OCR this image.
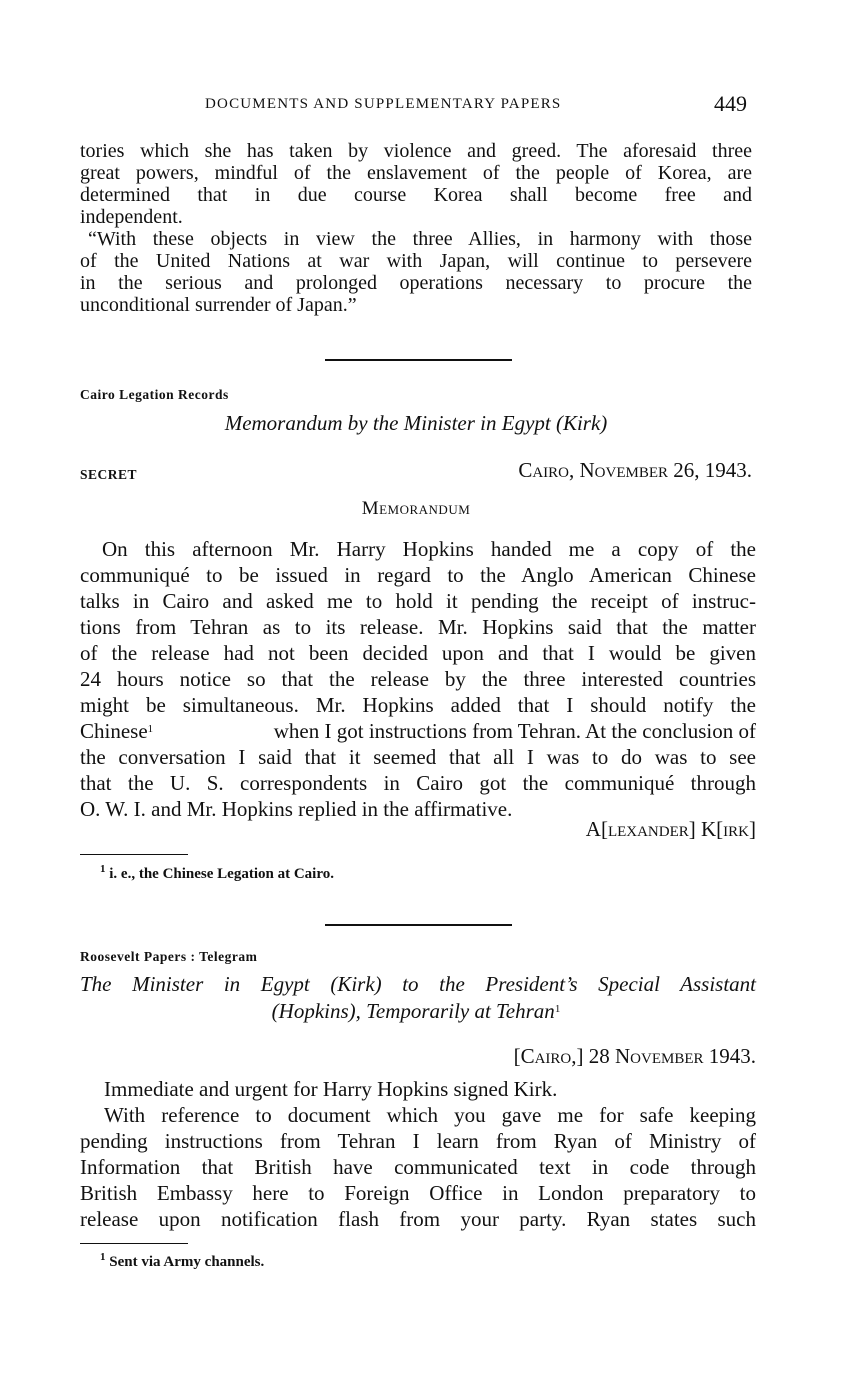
DOCUMENTS AND SUPPLEMENTARY PAPERS	449
tories which she has taken by violence and greed. The aforesaid three
great powers, mindful of the enslavement of the people of Korea, are
determined that in due course Korea shall become free and
independent.
“With these objects in view the three Allies, in harmony with those
of the United Nations at war with Japan, will continue to persevere
in the serious and prolonged operations necessary to procure the
unconditional surrender of Japan.”
Cairo Legation Records
Memorandum by the Minister in Egypt (Kirk)
SECRET	Cairo, November 26, 1943.
Memorandum
On this afternoon Mr. Harry Hopkins handed me a copy of the
communiqué to be issued in regard to the Anglo American Chinese
talks in Cairo and asked me to hold it pending the receipt of instruc-
tions from Tehran as to its release. Mr. Hopkins said that the matter
of the release had not been decided upon and that I would be given
24 hours notice so that the release by the three interested countries
might be simultaneous. Mr. Hopkins added that I should notify the
Chinese$^1$	when I got instructions from Tehran. At the conclusion of
the conversation I said that it seemed that all I was to do was to see
that the U. S. correspondents in Cairo got the communiqué through
O. W. I. and Mr. Hopkins replied in the affirmative.
A[lexander] K[irk]
$^1$ i. e., the Chinese Legation at Cairo.
Roosevelt Papers : Telegram
The Minister in Egypt (Kirk) to the President’s Special Assistant
(Hopkins), Temporarily at Tehran$^1$
[Cairo,] 28 November 1943.
Immediate and urgent for Harry Hopkins signed Kirk.
With reference to document which you gave me for safe keeping
pending instructions from Tehran I learn from Ryan of Ministry of
Information that British have communicated text in code through
British Embassy here to Foreign Office in London preparatory to
release upon notification flash from your party. Ryan states such
$^1$ Sent via Army channels.
